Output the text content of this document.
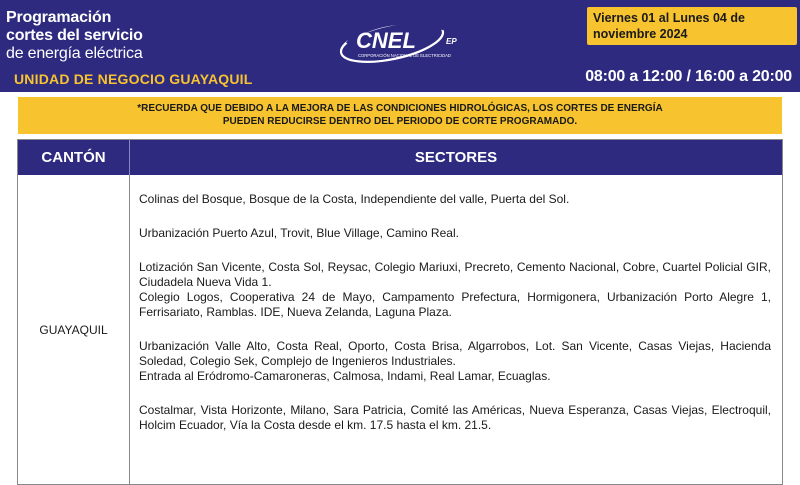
Programación
cortes del servicio
de energía eléctrica
UNIDAD DE NEGOCIO GUAYAQUIL
CNEL	EP
CORPORACIÓN NACIONAL DE ELECTRICIDAD
Viernes 01 al Lunes 04 de
noviembre 2024
08:00 a 12:00 / 16:00 a 20:00
*RECUERDA QUE DEBIDO A LA MEJORA DE LAS CONDICIONES HIDROLÓGICAS, LOS CORTES DE ENERGÍA
PUEDEN REDUCIRSE DENTRO DEL PERIODO DE CORTE PROGRAMADO.
CANTÓN	SECTORES
GUAYAQUIL

Colinas del Bosque, Bosque de la Costa, Independiente del valle, Puerta del Sol.

Urbanización Puerto Azul, Trovit, Blue Village, Camino Real.

Lotización San Vicente, Costa Sol, Reysac, Colegio Mariuxi, Precreto, Cemento Nacional, Cobre, Cuartel Policial GIR, Ciudadela Nueva Vida 1.

Colegio Logos, Cooperativa 24 de Mayo, Campamento Prefectura, Hormigonera, Urbanización Porto Alegre 1, Ferrisariato, Ramblas. IDE, Nueva Zelanda, Laguna Plaza.

Urbanización Valle Alto, Costa Real, Oporto, Costa Brisa, Algarrobos, Lot. San Vicente, Casas Viejas, Hacienda Soledad, Colegio Sek, Complejo de Ingenieros Industriales.

Entrada al Eródromo-Camaroneras, Calmosa, Indami, Real Lamar, Ecuaglas.

Costalmar, Vista Horizonte, Milano, Sara Patricia, Comité las Américas, Nueva Esperanza, Casas Viejas, Electroquil, Holcim Ecuador, Vía la Costa desde el km. 17.5 hasta el km. 21.5.
